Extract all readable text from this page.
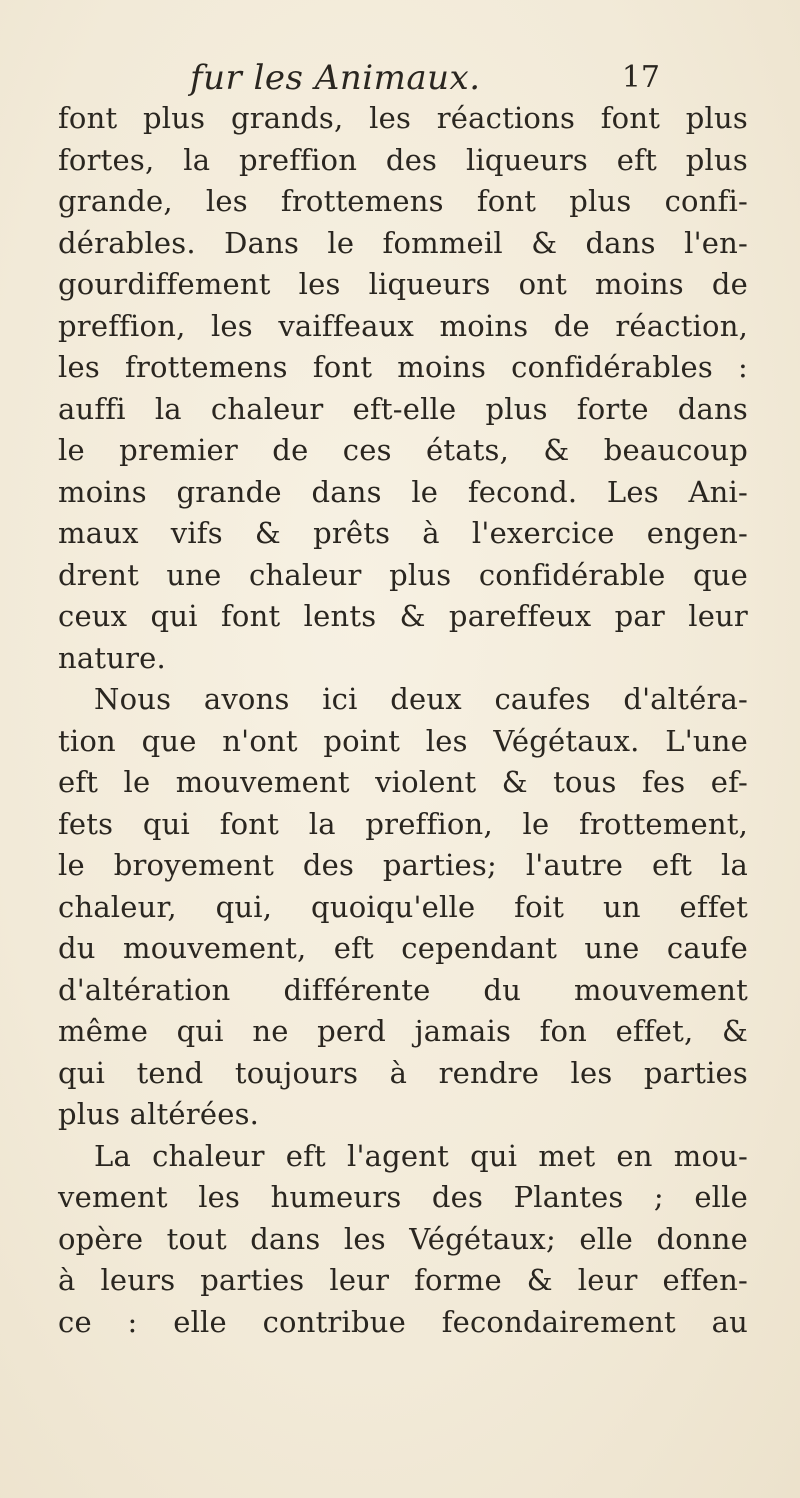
fur les Animaux.	17
font plus grands, les réactions font plus
fortes, la preffion des liqueurs eft plus
grande, les frottemens font plus confi-
dérables. Dans le fommeil & dans l'en-
gourdiffement les liqueurs ont moins de
preffion, les vaiffeaux moins de réaction,
les frottemens font moins confidérables :
auffi la chaleur eft-elle plus forte dans
le premier de ces états, & beaucoup
moins grande dans le fecond. Les Ani-
maux vifs & prêts à l'exercice engen-
drent une chaleur plus confidérable que
ceux qui font lents & pareffeux par leur
nature.
Nous avons ici deux caufes d'altéra-
tion que n'ont point les Végétaux. L'une
eft le mouvement violent & tous fes ef-
fets qui font la preffion, le frottement,
le broyement des parties; l'autre eft la
chaleur, qui, quoiqu'elle foit un effet
du mouvement, eft cependant une caufe
d'altération différente du mouvement
même qui ne perd jamais fon effet, &
qui tend toujours à rendre les parties
plus altérées.
La chaleur eft l'agent qui met en mou-
vement les humeurs des Plantes ; elle
opère tout dans les Végétaux; elle donne
à leurs parties leur forme & leur effen-
ce : elle contribue fecondairement au
